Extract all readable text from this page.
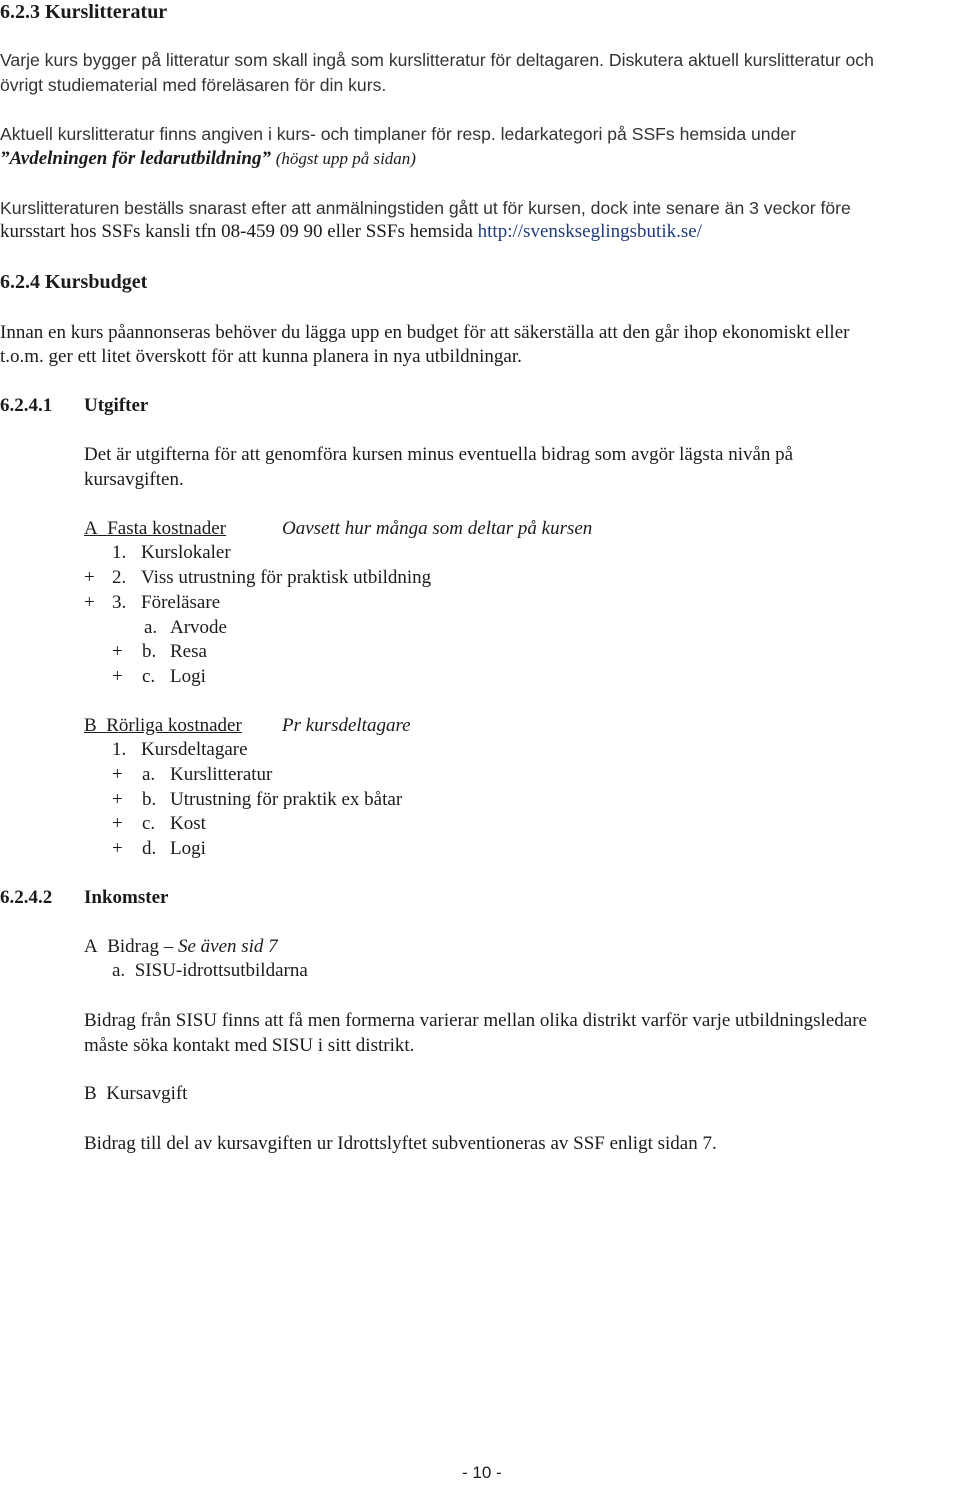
6.2.3 Kurslitteratur
Varje kurs bygger på litteratur som skall ingå som kurslitteratur för deltagaren. Diskutera aktuell kurslitteratur och
övrigt studiematerial med föreläsaren för din kurs.
Aktuell kurslitteratur finns angiven i kurs- och timplaner för resp. ledarkategori på SSFs hemsida under
”Avdelningen för ledarutbildning” (högst upp på sidan)
Kurslitteraturen beställs snarast efter att anmälningstiden gått ut för kursen, dock inte senare än 3 veckor före
kursstart hos SSFs kansli tfn 08-459 09 90 eller SSFs hemsida http://svenskseglingsbutik.se/
6.2.4 Kursbudget
Innan en kurs påannonseras behöver du lägga upp en budget för att säkerställa att den går ihop ekonomiskt eller
t.o.m. ger ett litet överskott för att kunna planera in nya utbildningar.
6.2.4.1 Utgifter
Det är utgifterna för att genomföra kursen minus eventuella bidrag som avgör lägsta nivån på
kursavgiften.
A Fasta kostnader	Oavsett hur många som deltar på kursen
1. Kurslokaler
+ 2. Viss utrustning för praktisk utbildning
+ 3. Föreläsare
a. Arvode
+	b. Resa
+	c. Logi
B Rörliga kostnader Pr kursdeltagare
1. Kursdeltagare
+	a. Kurslitteratur
+	b. Utrustning för praktik ex båtar
+	c. Kost
+	d. Logi
6.2.4.2 Inkomster
A Bidrag – Se även sid 7
a. SISU-idrottsutbildarna
Bidrag från SISU finns att få men formerna varierar mellan olika distrikt varför varje utbildningsledare
måste söka kontakt med SISU i sitt distrikt.
B Kursavgift
Bidrag till del av kursavgiften ur Idrottslyftet subventioneras av SSF enligt sidan 7.
- 10 -
